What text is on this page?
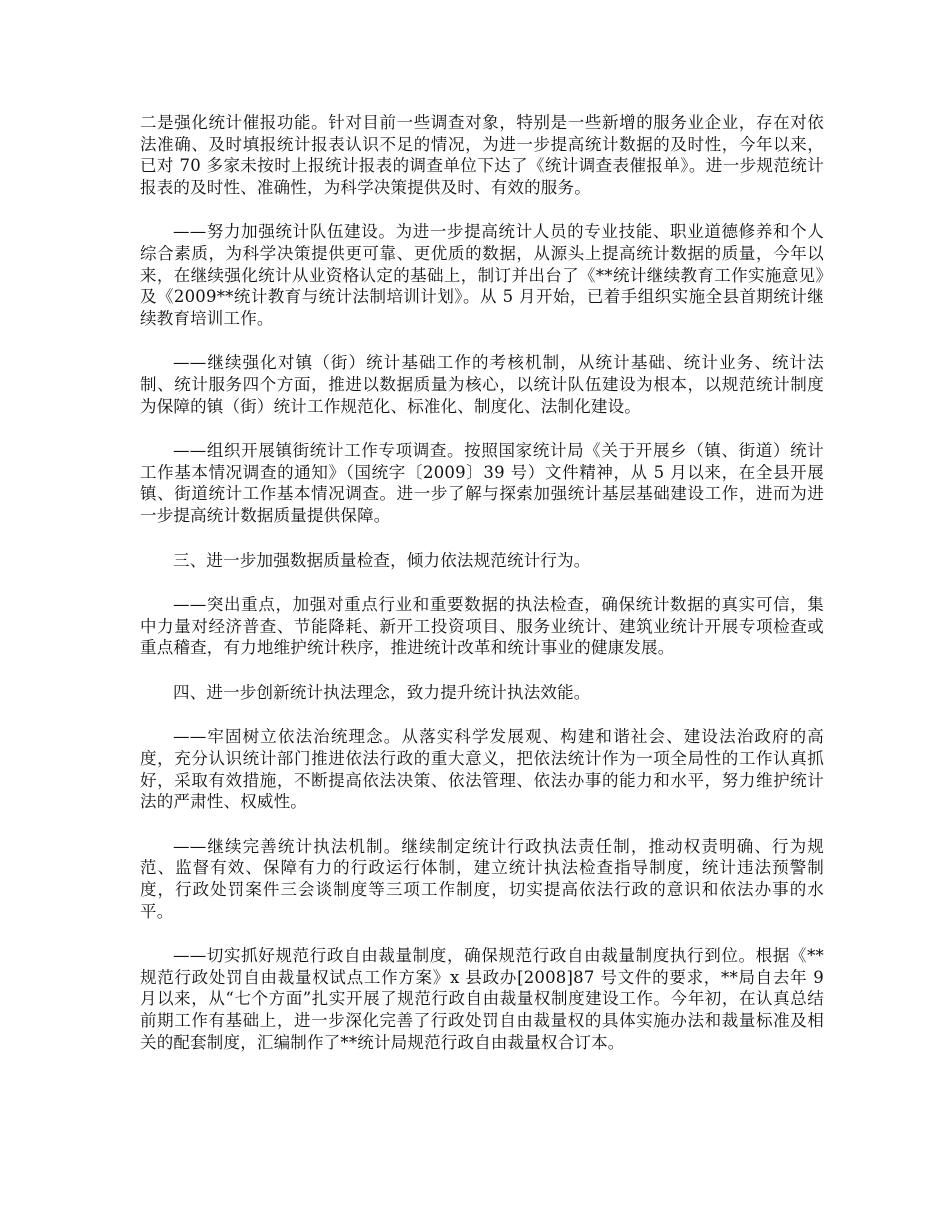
二是强化统计催报功能。针对目前一些调查对象，特别是一些新增的服务业企业，存在对依法准确、及时填报统计报表认识不足的情况，为进一步提高统计数据的及时性，今年以来，已对 70 多家未按时上报统计报表的调查单位下达了《统计调查表催报单》。进一步规范统计报表的及时性、准确性，为科学决策提供及时、有效的服务。

——努力加强统计队伍建设。为进一步提高统计人员的专业技能、职业道德修养和个人综合素质，为科学决策提供更可靠、更优质的数据，从源头上提高统计数据的质量，今年以来，在继续强化统计从业资格认定的基础上，制订并出台了《**统计继续教育工作实施意见》及《2009**统计教育与统计法制培训计划》。从 5 月开始，已着手组织实施全县首期统计继续教育培训工作。

——继续强化对镇（街）统计基础工作的考核机制，从统计基础、统计业务、统计法制、统计服务四个方面，推进以数据质量为核心，以统计队伍建设为根本，以规范统计制度为保障的镇（街）统计工作规范化、标准化、制度化、法制化建设。

——组织开展镇街统计工作专项调查。按照国家统计局《关于开展乡（镇、街道）统计工作基本情况调查的通知》（国统字〔2009〕39 号）文件精神，从 5 月以来，在全县开展镇、街道统计工作基本情况调查。进一步了解与探索加强统计基层基础建设工作，进而为进一步提高统计数据质量提供保障。

三、进一步加强数据质量检查，倾力依法规范统计行为。

——突出重点，加强对重点行业和重要数据的执法检查，确保统计数据的真实可信，集中力量对经济普查、节能降耗、新开工投资项目、服务业统计、建筑业统计开展专项检查或重点稽查，有力地维护统计秩序，推进统计改革和统计事业的健康发展。

四、进一步创新统计执法理念，致力提升统计执法效能。

——牢固树立依法治统理念。从落实科学发展观、构建和谐社会、建设法治政府的高度，充分认识统计部门推进依法行政的重大意义，把依法统计作为一项全局性的工作认真抓好，采取有效措施，不断提高依法决策、依法管理、依法办事的能力和水平，努力维护统计法的严肃性、权威性。

——继续完善统计执法机制。继续制定统计行政执法责任制，推动权责明确、行为规范、监督有效、保障有力的行政运行体制，建立统计执法检查指导制度，统计违法预警制度，行政处罚案件三会谈制度等三项工作制度，切实提高依法行政的意识和依法办事的水平。

——切实抓好规范行政自由裁量制度，确保规范行政自由裁量制度执行到位。根据《**规范行政处罚自由裁量权试点工作方案》x 县政办[2008]87 号文件的要求，**局自去年 9 月以来，从“七个方面”扎实开展了规范行政自由裁量权制度建设工作。今年初，在认真总结前期工作有基础上，进一步深化完善了行政处罚自由裁量权的具体实施办法和裁量标准及相关的配套制度，汇编制作了**统计局规范行政自由裁量权合订本。
